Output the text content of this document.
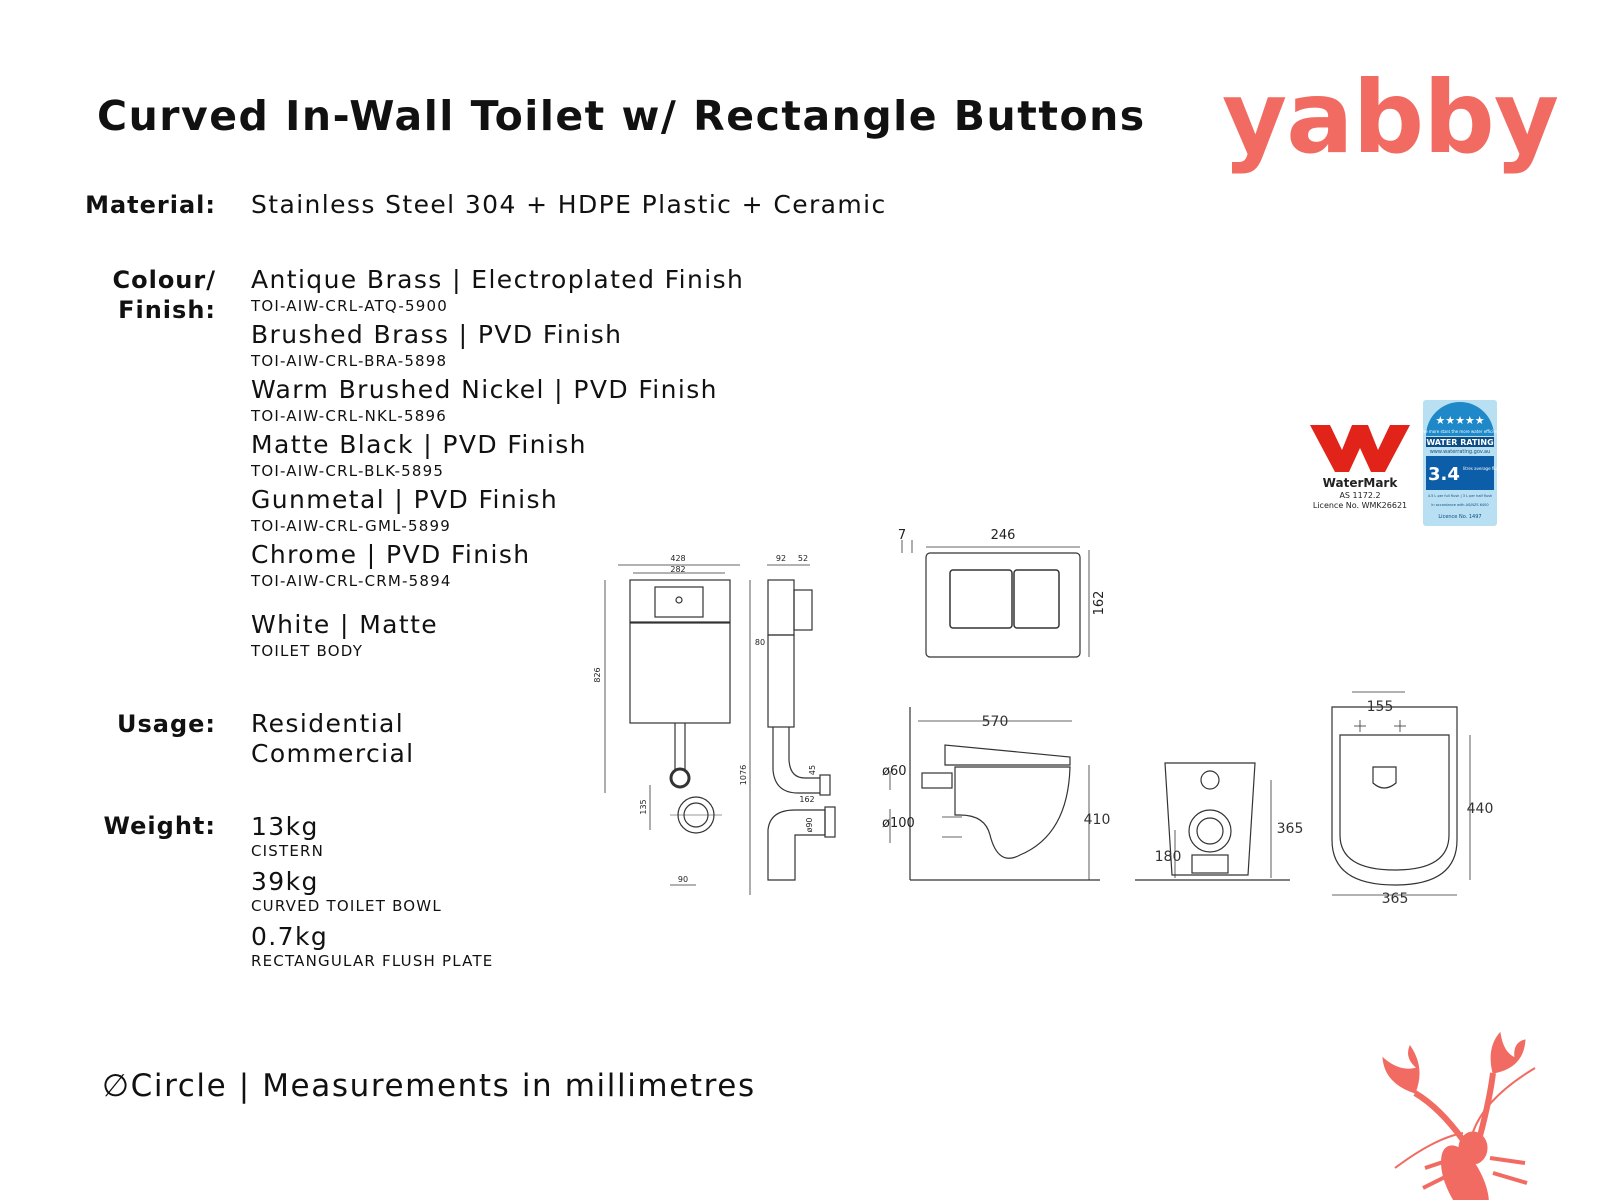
Curved In-Wall Toilet w/ Rectangle Buttons yabby
Material: Stainless Steel 304 + HDPE Plastic + Ceramic
Colour/
Finish:
Antique Brass | Electroplated Finish
TOI-AIW-CRL-ATQ-5900
Brushed Brass | PVD Finish
TOI-AIW-CRL-BRA-5898
Warm Brushed Nickel | PVD Finish
TOI-AIW-CRL-NKL-5896
Matte Black | PVD Finish
TOI-AIW-CRL-BLK-5895
Gunmetal | PVD Finish
TOI-AIW-CRL-GML-5899
Chrome | PVD Finish
TOI-AIW-CRL-CRM-5894
White | Matte
TOILET BODY
Usage: Residential
Commercial
Weight: 13kg
CISTERN
39kg
CURVED TOILET BOWL
0.7kg
RECTANGULAR FLUSH PLATE
∅Circle | Measurements in millimetres
WaterMark
AS 1172.2
Licence No. WMK26621
★★★★★
The more stars the more water efficient
WATER RATING
www.waterrating.gov.au
3.4 litres average flush
4.5 L per full flush | 3 L per half flush
In accordance with AS/NZS 6400
Licence No. 1497
428
282
826
1076
135
90
92 52
80
45
162
ø90
7	246
162
570
ø60
ø100	410
180
365
155
440
365
